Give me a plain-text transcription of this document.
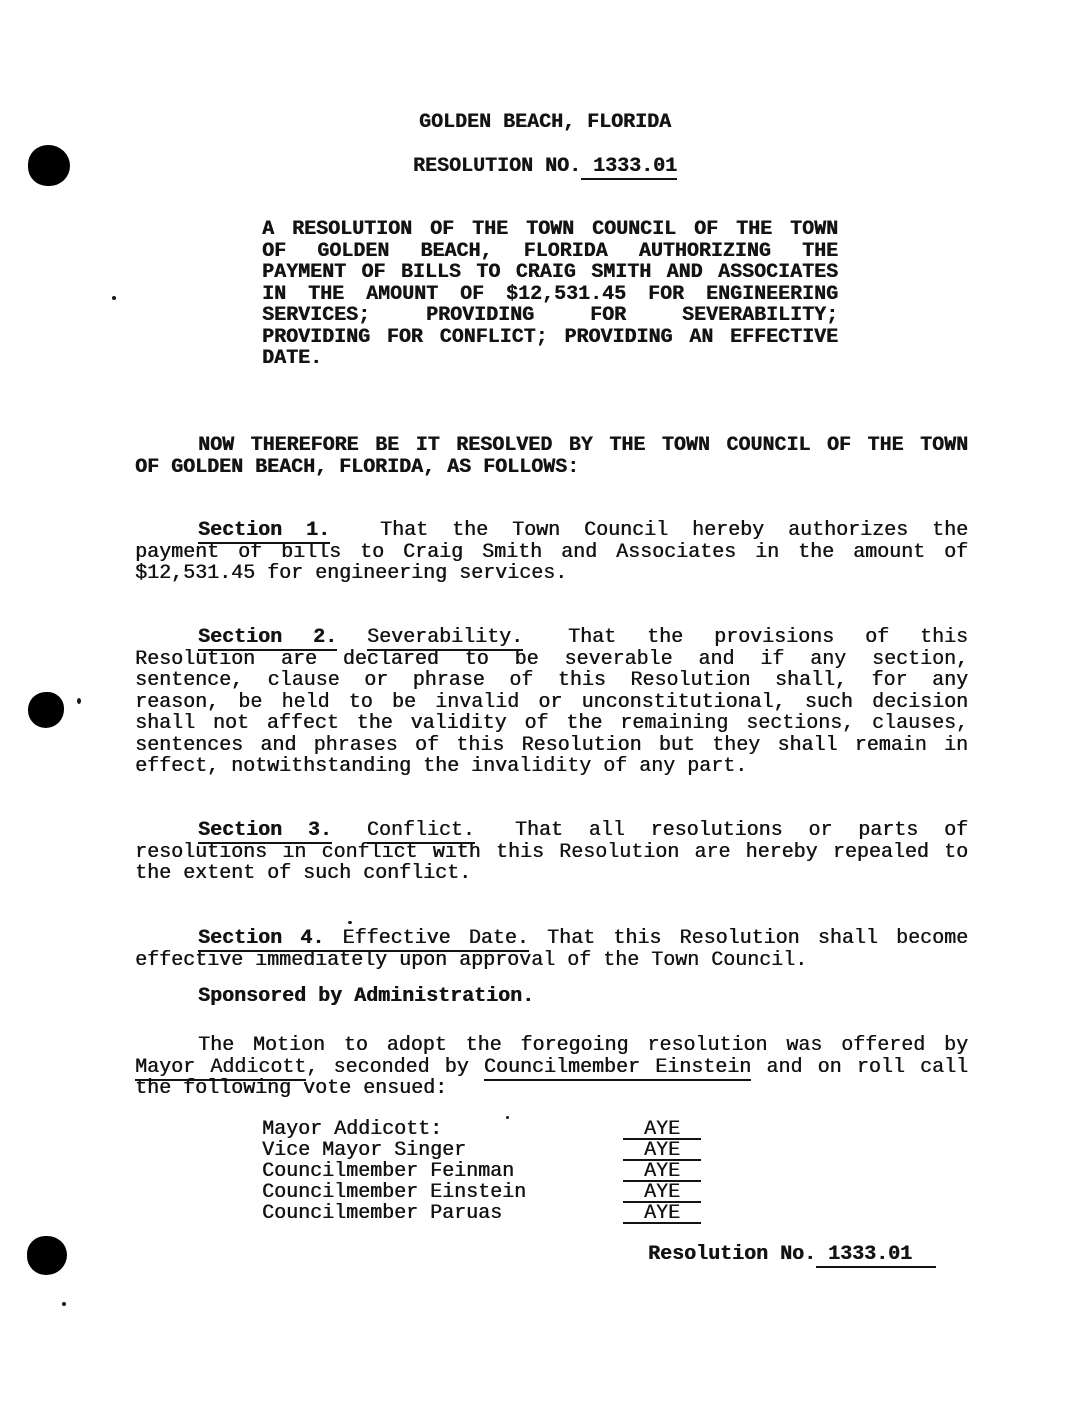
GOLDEN BEACH, FLORIDA
RESOLUTION NO. 1333.01
A RESOLUTION OF THE TOWN COUNCIL OF THE TOWN
OF GOLDEN BEACH, FLORIDA AUTHORIZING THE
PAYMENT OF BILLS TO CRAIG SMITH AND ASSOCIATES
IN THE AMOUNT OF $12,531.45 FOR ENGINEERING
SERVICES; PROVIDING FOR SEVERABILITY;
PROVIDING FOR CONFLICT; PROVIDING AN EFFECTIVE
DATE.
NOW THEREFORE BE IT RESOLVED BY THE TOWN COUNCIL OF THE TOWN
OF GOLDEN BEACH, FLORIDA, AS FOLLOWS:
Section 1.	That the Town Council hereby authorizes the
payment of bills to Craig Smith and Associates in the amount of
$12,531.45 for engineering services.
Section 2. Severability. That the provisions of this
Resolution are declared to be severable and if any section,
sentence, clause or phrase of this Resolution shall, for any
reason, be held to be invalid or unconstitutional, such decision
shall not affect the validity of the remaining sections, clauses,
sentences and phrases of this Resolution but they shall remain in
effect, notwithstanding the invalidity of any part.
Section 3. Conflict. That all resolutions or parts of
resolutions in conflict with this Resolution are hereby repealed to
the extent of such conflict.
Section 4. Effective Date. That this Resolution shall become
effective immediately upon approval of the Town Council.
Sponsored by Administration.
The Motion to adopt the foregoing resolution was offered by
Mayor Addicott, seconded by Councilmember Einstein and on roll call
the following vote ensued:
Mayor Addicott:	AYE
Vice Mayor Singer	AYE
Councilmember Feinman	AYE
Councilmember Einstein	AYE
Councilmember Paruas	AYE
Resolution No. 1333.01
